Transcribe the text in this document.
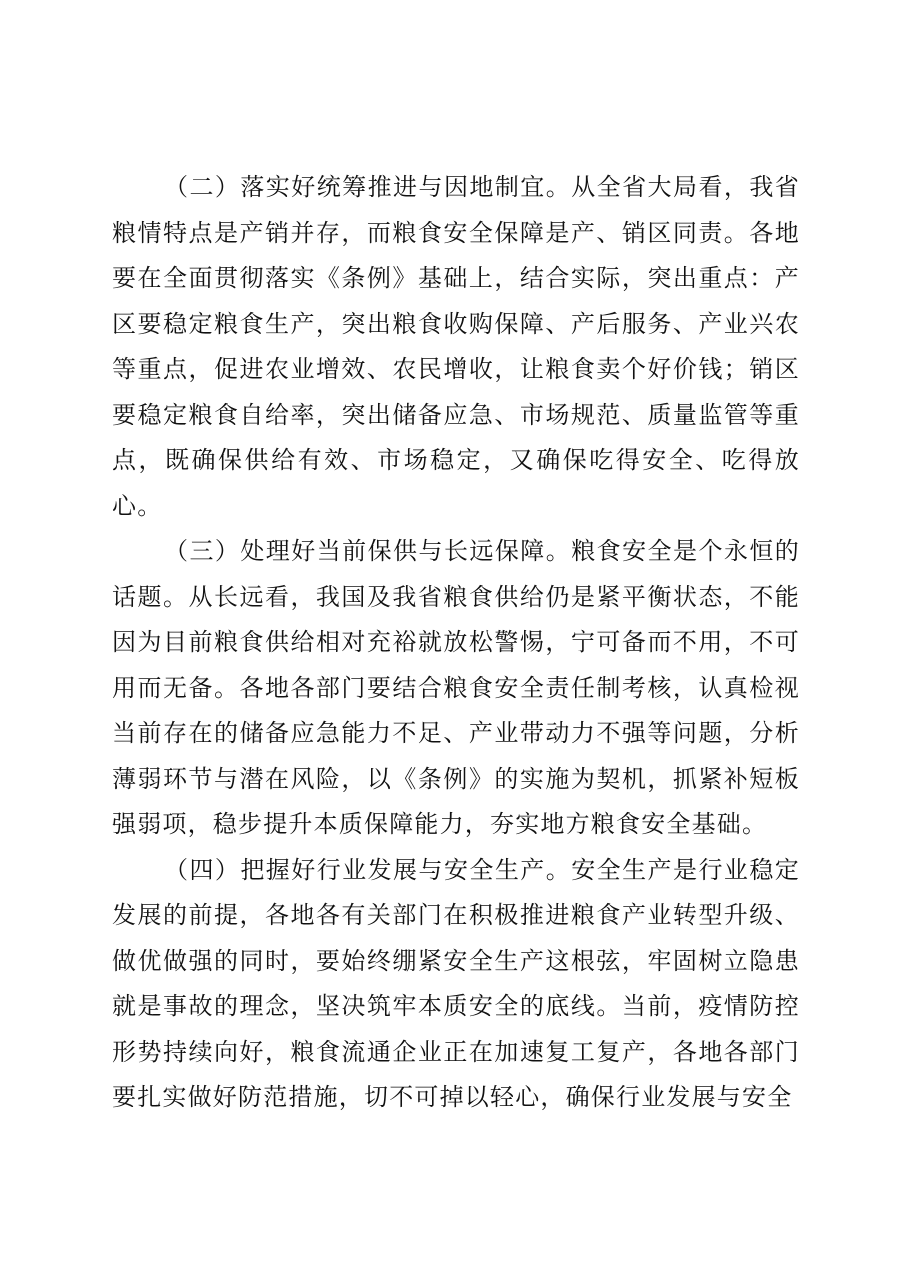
（二）落实好统筹推进与因地制宜。从全省大局看，我省粮情特点是产销并存，而粮食安全保障是产、销区同责。各地要在全面贯彻落实《条例》基础上，结合实际，突出重点：产区要稳定粮食生产，突出粮食收购保障、产后服务、产业兴农等重点，促进农业增效、农民增收，让粮食卖个好价钱；销区要稳定粮食自给率，突出储备应急、市场规范、质量监管等重点，既确保供给有效、市场稳定，又确保吃得安全、吃得放心。

（三）处理好当前保供与长远保障。粮食安全是个永恒的话题。从长远看，我国及我省粮食供给仍是紧平衡状态，不能因为目前粮食供给相对充裕就放松警惕，宁可备而不用，不可用而无备。各地各部门要结合粮食安全责任制考核，认真检视当前存在的储备应急能力不足、产业带动力不强等问题，分析薄弱环节与潜在风险，以《条例》的实施为契机，抓紧补短板强弱项，稳步提升本质保障能力，夯实地方粮食安全基础。

（四）把握好行业发展与安全生产。安全生产是行业稳定发展的前提，各地各有关部门在积极推进粮食产业转型升级、做优做强的同时，要始终绷紧安全生产这根弦，牢固树立隐患就是事故的理念，坚决筑牢本质安全的底线。当前，疫情防控形势持续向好，粮食流通企业正在加速复工复产，各地各部门要扎实做好防范措施，切不可掉以轻心，确保行业发展与安全
